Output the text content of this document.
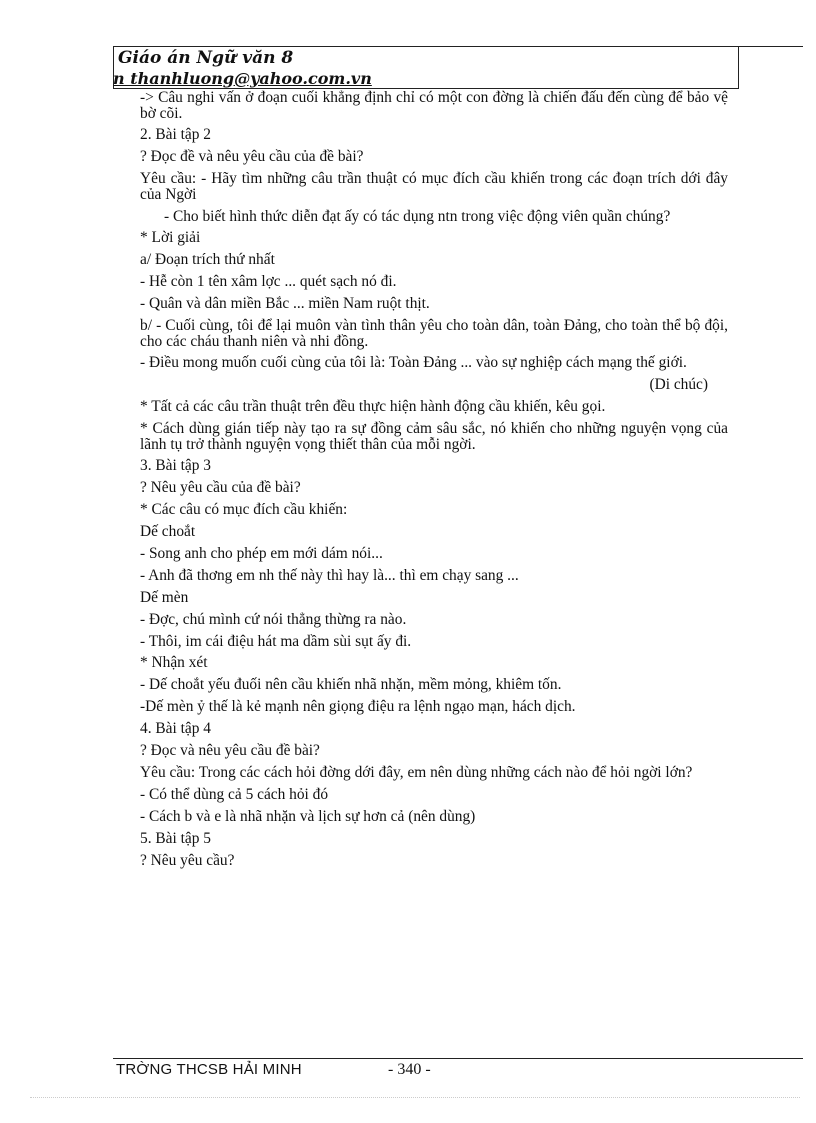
Giáo án Ngữ văn 8
n thanhluong@yahoo.com.vn

-> Câu nghi vấn ở đoạn cuối khẳng định chỉ có một con đờng là chiến đấu đến cùng để bảo vệ bờ cõi.

2. Bài tập 2

? Đọc đề và nêu yêu cầu của đề bài?

Yêu cầu: - Hãy tìm những câu trần thuật có mục đích cầu khiến trong các đoạn trích dới đây của Ngời

- Cho biết hình thức diễn đạt ấy có tác dụng ntn trong việc động viên quần chúng?

* Lời giải

a/ Đoạn trích thứ nhất

- Hễ còn 1 tên xâm lợc ... quét sạch nó đi.

- Quân và dân miền Bắc ... miền Nam ruột thịt.

b/ - Cuối cùng, tôi để lại muôn vàn tình thân yêu cho toàn dân, toàn Đảng, cho toàn thể bộ đội, cho các cháu thanh niên và nhi đồng.

- Điều mong muốn cuối cùng của tôi là: Toàn Đảng ... vào sự nghiệp cách mạng thế giới.

(Di chúc)

* Tất cả các câu trần thuật trên đều thực hiện hành động cầu khiến, kêu gọi.

* Cách dùng gián tiếp này tạo ra sự đồng cảm sâu sắc, nó khiến cho những nguyện vọng của lãnh tụ trở thành nguyện vọng thiết thân của mỗi ngời.

3. Bài tập 3

? Nêu yêu cầu của đề bài?

* Các câu có mục đích cầu khiến:

Dế choắt

- Song anh cho phép em mới dám nói...

- Anh đã thơng em nh thế này thì hay là... thì em chạy sang ...

Dế mèn

- Đợc, chú mình cứ nói thẳng thừng ra nào.

- Thôi, im cái điệu hát ma dầm sùi sụt ấy đi.

* Nhận xét

- Dế choắt yếu đuối nên cầu khiến nhã nhặn, mềm mỏng, khiêm tốn.

-Dế mèn ỷ thế là kẻ mạnh nên giọng điệu ra lệnh ngạo mạn, hách dịch.

4. Bài tập 4

? Đọc và nêu yêu cầu đề bài?

Yêu cầu: Trong các cách hỏi đờng dới đây, em nên dùng những cách nào để hỏi ngời lớn?

- Có thể dùng cả 5 cách hỏi đó

- Cách b và e là nhã nhặn và lịch sự hơn cả (nên dùng)

5. Bài tập 5

? Nêu yêu cầu?

TRỜNG THCSB HẢI MINH	- 340 -
